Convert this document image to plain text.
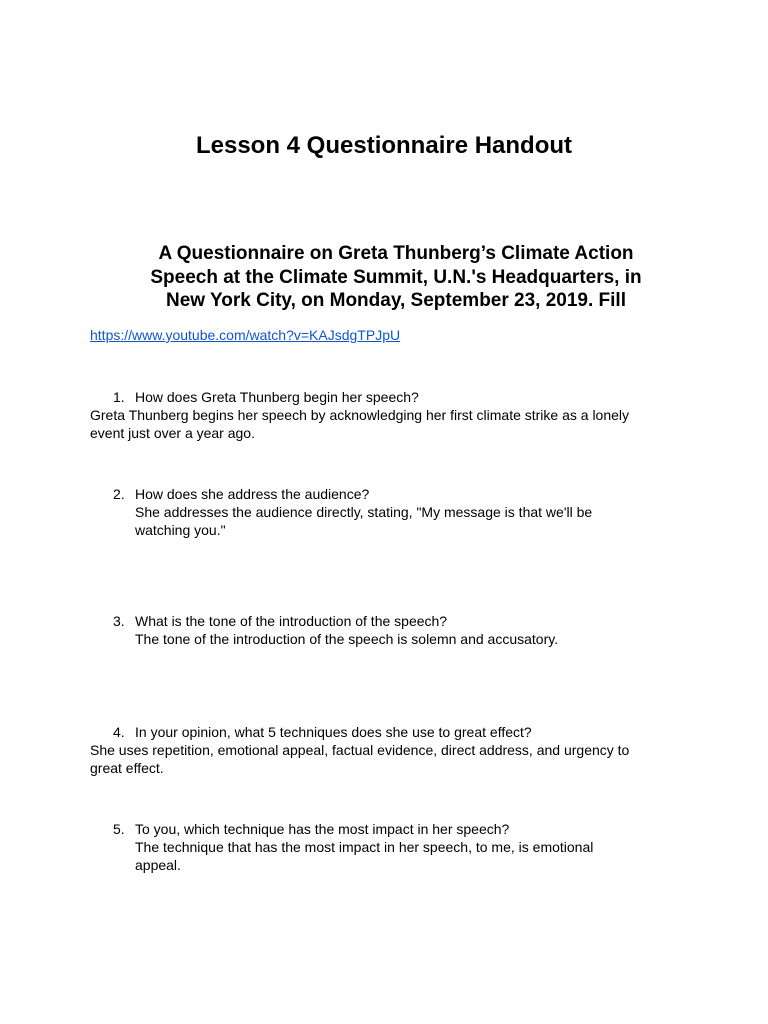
Lesson 4 Questionnaire Handout
A Questionnaire on Greta Thunberg’s Climate Action
Speech at the Climate Summit, U.N.'s Headquarters, in
New York City, on Monday, September 23, 2019. Fill
https://www.youtube.com/watch?v=KAJsdgTPJpU
1. How does Greta Thunberg begin her speech?
Greta Thunberg begins her speech by acknowledging her first climate strike as a lonely
event just over a year ago.
2. How does she address the audience?
She addresses the audience directly, stating, "My message is that we'll be
watching you."
3. What is the tone of the introduction of the speech?
The tone of the introduction of the speech is solemn and accusatory.
4. In your opinion, what 5 techniques does she use to great effect?
She uses repetition, emotional appeal, factual evidence, direct address, and urgency to
great effect.
5. To you, which technique has the most impact in her speech?
The technique that has the most impact in her speech, to me, is emotional
appeal.
